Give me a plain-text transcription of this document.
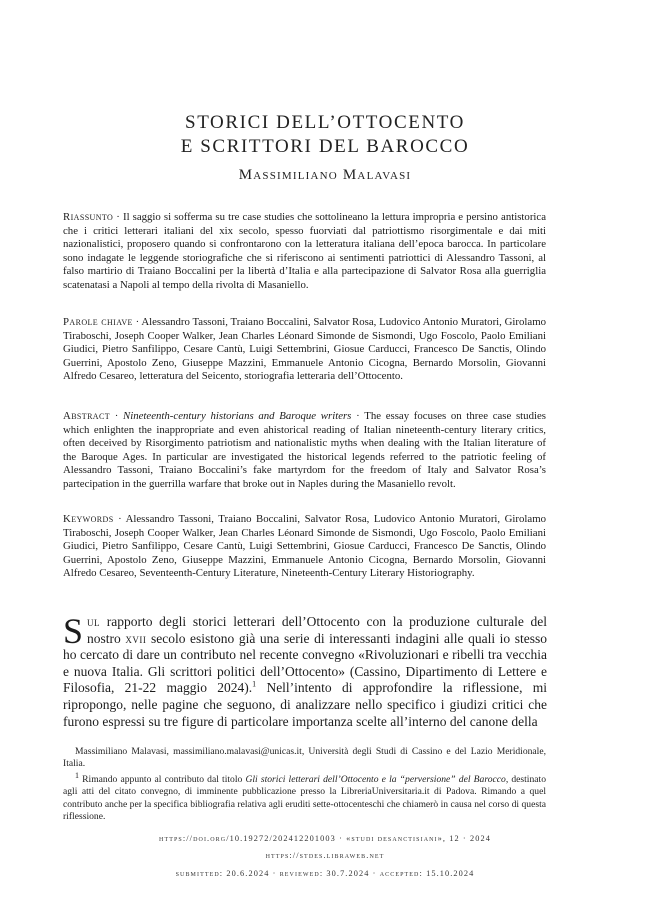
STORICI DELL’OTTOCENTO
E SCRITTORI DEL BAROCCO
Massimiliano Malavasi
Riassunto · Il saggio si sofferma su tre case studies che sottolineano la lettura impropria e persino antistorica che i critici letterari italiani del xix secolo, spesso fuorviati dal patriottismo risorgimentale e dai miti nazionalistici, proposero quando si confrontarono con la letteratura italiana dell’epoca barocca. In particolare sono indagate le leggende storiografiche che si riferiscono ai sentimenti patriottici di Alessandro Tassoni, al falso martirio di Traiano Boccalini per la libertà d’Italia e alla partecipazione di Salvator Rosa alla guerriglia scatenatasi a Napoli al tempo della rivolta di Masaniello.
Parole chiave · Alessandro Tassoni, Traiano Boccalini, Salvator Rosa, Ludovico Antonio Muratori, Girolamo Tiraboschi, Joseph Cooper Walker, Jean Charles Léonard Simonde de Sismondi, Ugo Foscolo, Paolo Emiliani Giudici, Pietro Sanfilippo, Cesare Cantù, Luigi Settembrini, Giosue Carducci, Francesco De Sanctis, Olindo Guerrini, Apostolo Zeno, Giuseppe Mazzini, Emmanuele Antonio Cicogna, Bernardo Morsolin, Giovanni Alfredo Cesareo, letteratura del Seicento, storiografia letteraria dell’Ottocento.
Abstract · Nineteenth-century historians and Baroque writers · The essay focuses on three case studies which enlighten the inappropriate and even ahistorical reading of Italian nineteenth-century literary critics, often deceived by Risorgimento patriotism and nationalistic myths when dealing with the Italian literature of the Baroque Ages. In particular are investigated the historical legends referred to the patriotic feeling of Alessandro Tassoni, Traiano Boccalini’s fake martyrdom for the freedom of Italy and Salvator Rosa’s partecipation in the guerrilla warfare that broke out in Naples during the Masaniello revolt.
Keywords · Alessandro Tassoni, Traiano Boccalini, Salvator Rosa, Ludovico Antonio Muratori, Girolamo Tiraboschi, Joseph Cooper Walker, Jean Charles Léonard Simonde de Sismondi, Ugo Foscolo, Paolo Emiliani Giudici, Pietro Sanfilippo, Cesare Cantù, Luigi Settembrini, Giosue Carducci, Francesco De Sanctis, Olindo Guerrini, Apostolo Zeno, Giuseppe Mazzini, Emmanuele Antonio Cicogna, Bernardo Morsolin, Giovanni Alfredo Cesareo, Seventeenth-Century Literature, Nineteenth-Century Literary Historiography.
Sul rapporto degli storici letterari dell’Ottocento con la produzione culturale del nostro xvii secolo esistono già una serie di interessanti indagini alle quali io stesso ho cercato di dare un contributo nel recente convegno «Rivoluzionari e ribelli tra vecchia e nuova Italia. Gli scrittori politici dell’Ottocento» (Cassino, Dipartimento di Lettere e Filosofia, 21-22 maggio 2024).$^1$ Nell’intento di approfondire la riflessione, mi ripropongo, nelle pagine che seguono, di analizzare nello specifico i giudizi critici che furono espressi su tre figure di particolare importanza scelte all’interno del canone della
Massimiliano Malavasi, massimiliano.malavasi@unicas.it, Università degli Studi di Cassino e del Lazio Meridionale, Italia.
$^1$ Rimando appunto al contributo dal titolo Gli storici letterari dell’Ottocento e la “perversione” del Barocco, destinato agli atti del citato convegno, di imminente pubblicazione presso la LibreriaUniversitaria.it di Padova. Rimando a quel contributo anche per la specifica bibliografia relativa agli eruditi sette-ottocenteschi che chiamerò in causa nel corso di questa riflessione.
https://doi.org/10.19272/202412201003 · «studi desanctisiani», 12 · 2024
https://stdes.libraweb.net
submitted: 20.6.2024 · reviewed: 30.7.2024 · accepted: 15.10.2024
